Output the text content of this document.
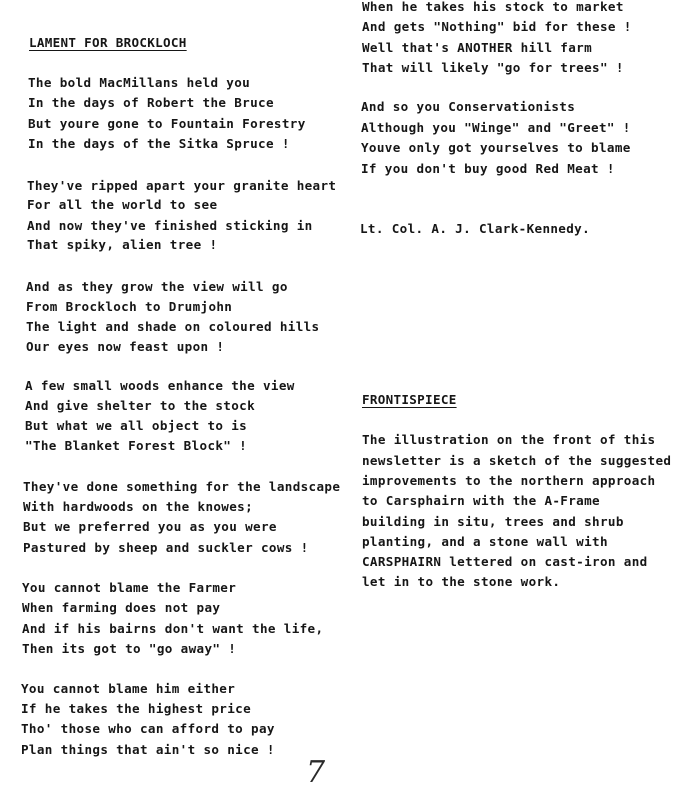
LAMENT FOR BROCKLOCH
The bold MacMillans held you
In the days of Robert the Bruce
But youre gone to Fountain Forestry
In the days of the Sitka Spruce !
They've ripped apart your granite heart
For all the world to see
And now they've finished sticking in
That spiky, alien tree !
And as they grow the view will go
From Brockloch to Drumjohn
The light and shade on coloured hills
Our eyes now feast upon !
A few small woods enhance the view
And give shelter to the stock
But what we all object to is
"The Blanket Forest Block" !
They've done something for the landscape
With hardwoods on the knowes;
But we preferred you as you were
Pastured by sheep and suckler cows !
You cannot blame the Farmer
When farming does not pay
And if his bairns don't want the life,
Then its got to "go away" !
You cannot blame him either
If he takes the highest price
Tho' those who can afford to pay
Plan things that ain't so nice !
When he takes his stock to market
And gets "Nothing" bid for these !
Well that's ANOTHER hill farm
That will likely "go for trees" !
And so you Conservationists
Although you "Winge" and "Greet" !
Youve only got yourselves to blame
If you don't buy good Red Meat !
Lt. Col. A. J. Clark-Kennedy.
FRONTISPIECE
The illustration on the front of this
newsletter is a sketch of the suggested
improvements to the northern approach
to Carsphairn with the A-Frame
building in situ, trees and shrub
planting, and a stone wall with
CARSPHAIRN lettered on cast-iron and
let in to the stone work.
7
